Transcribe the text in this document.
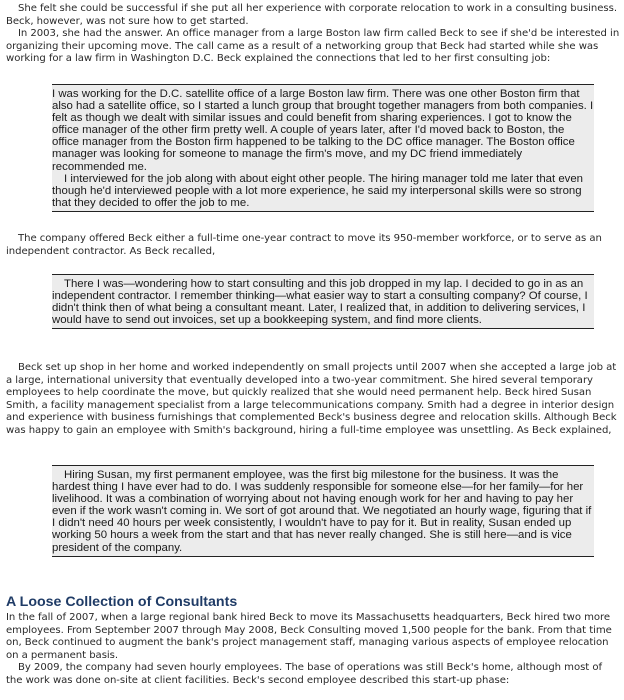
She felt she could be successful if she put all her experience with corporate relocation to work in a consulting business. Beck, however, was not sure how to get started.
In 2003, she had the answer. An office manager from a large Boston law firm called Beck to see if she'd be interested in organizing their upcoming move. The call came as a result of a networking group that Beck had started while she was working for a law firm in Washington D.C. Beck explained the connections that led to her first consulting job:

I was working for the D.C. satellite office of a large Boston law firm. There was one other Boston firm that also had a satellite office, so I started a lunch group that brought together managers from both companies. I felt as though we dealt with similar issues and could benefit from sharing experiences. I got to know the office manager of the other firm pretty well. A couple of years later, after I'd moved back to Boston, the office manager from the Boston firm happened to be talking to the DC office manager. The Boston office manager was looking for someone to manage the firm's move, and my DC friend immediately recommended me.

I interviewed for the job along with about eight other people. The hiring manager told me later that even though he'd interviewed people with a lot more experience, he said my interpersonal skills were so strong that they decided to offer the job to me.

The company offered Beck either a full-time one-year contract to move its 950-member workforce, or to serve as an independent contractor. As Beck recalled,

There I was—wondering how to start consulting and this job dropped in my lap. I decided to go in as an independent contractor. I remember thinking—what easier way to start a consulting company? Of course, I didn't think then of what being a consultant meant. Later, I realized that, in addition to delivering services, I would have to send out invoices, set up a bookkeeping system, and find more clients.

Beck set up shop in her home and worked independently on small projects until 2007 when she accepted a large job at a large, international university that eventually developed into a two-year commitment. She hired several temporary employees to help coordinate the move, but quickly realized that she would need permanent help. Beck hired Susan Smith, a facility management specialist from a large telecommunications company. Smith had a degree in interior design and experience with business furnishings that complemented Beck's business degree and relocation skills. Although Beck was happy to gain an employee with Smith's background, hiring a full-time employee was unsettling. As Beck explained,

Hiring Susan, my first permanent employee, was the first big milestone for the business. It was the hardest thing I have ever had to do. I was suddenly responsible for someone else—for her family—for her livelihood. It was a combination of worrying about not having enough work for her and having to pay her even if the work wasn't coming in. We sort of got around that. We negotiated an hourly wage, figuring that if I didn't need 40 hours per week consistently, I wouldn't have to pay for it. But in reality, Susan ended up working 50 hours a week from the start and that has never really changed. She is still here—and is vice president of the company.

A Loose Collection of Consultants
In the fall of 2007, when a large regional bank hired Beck to move its Massachusetts headquarters, Beck hired two more employees. From September 2007 through May 2008, Beck Consulting moved 1,500 people for the bank. From that time on, Beck continued to augment the bank's project management staff, managing various aspects of employee relocation on a permanent basis.
By 2009, the company had seven hourly employees. The base of operations was still Beck's home, although most of the work was done on-site at client facilities. Beck's second employee described this start-up phase:
